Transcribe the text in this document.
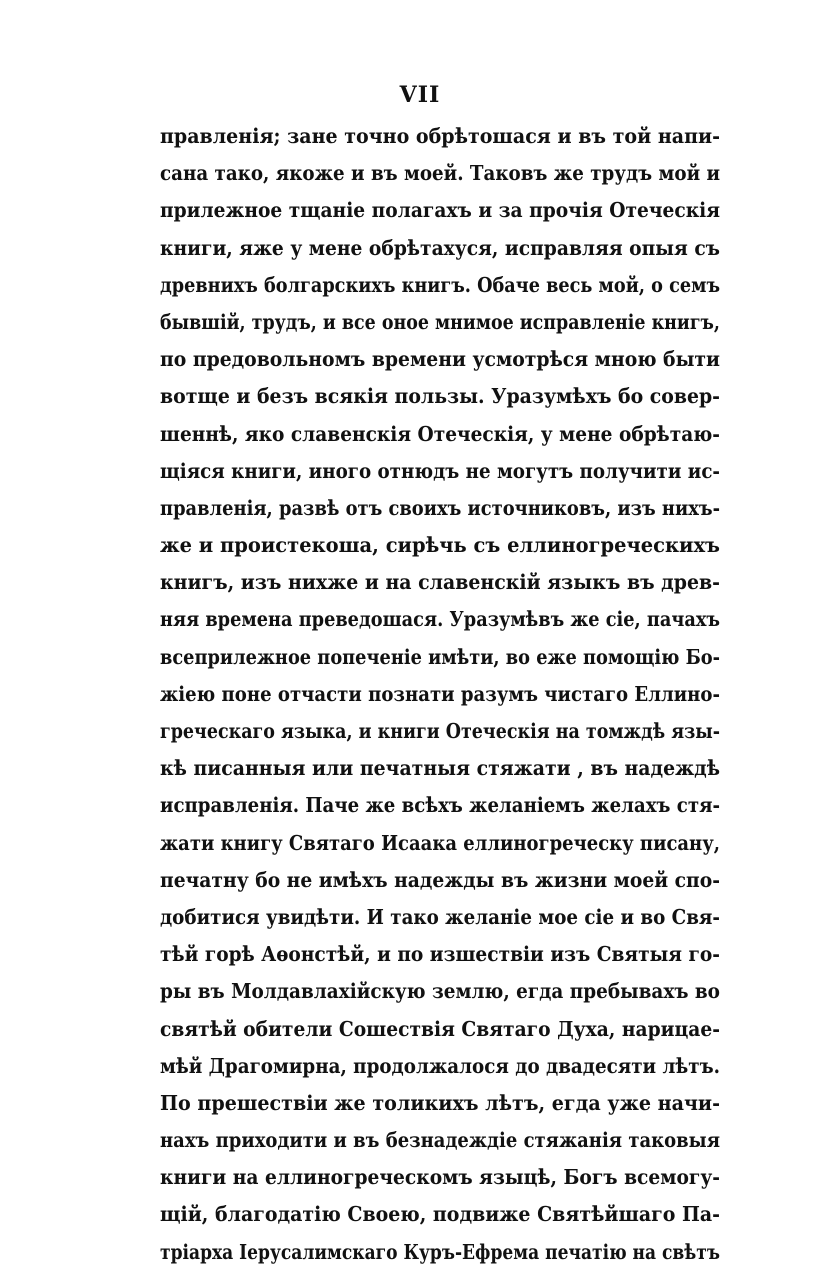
VII
правленія; зане точно обрѣтошася и въ той напи-
сана тако, якоже и въ моей. Таковъ же трудъ мой и
прилежное тщаніе полагахъ и за прочія Отеческія
книги, яже у мене обрѣтахуся, исправляя опыя съ
древнихъ болгарскихъ книгъ. Обаче весь мой, о семъ
бывшій, трудъ, и все оное мнимое исправленіе книгъ,
по предовольномъ времени усмотрѣся мною быти
вотще и безъ всякія пользы. Уразумѣхъ бо совер-
шеннѣ, яко славенскія Отеческія, у мене обрѣтаю-
щіяся книги, иного отнюдъ не могутъ получити ис-
правленія, развѣ отъ своихъ источниковъ, изъ нихъ-
же и проистекоша, сирѣчь съ еллиногреческихъ
книгъ, изъ нихже и на славенскій языкъ въ древ-
няя времена преведошася. Уразумѣвъ же сіе, пачахъ
всеприлежное попеченіе имѣти, во еже помощію Бо-
жіею поне отчасти познати разумъ чистаго Еллино-
греческаго языка, и книги Отеческія на томждѣ язы-
кѣ писанныя или печатныя стяжати , въ надеждѣ
исправленія. Паче же всѣхъ желаніемъ желахъ стя-
жати книгу Святаго Исаака еллиногреческу писану,
печатну бо не имѣхъ надежды въ жизни моей спо-
добитися увидѣти. И тако желаніе мое сіе и во Свя-
тѣй горѣ Аѳонстѣй, и по изшествіи изъ Святыя го-
ры въ Молдавлахійскую землю, егда пребывахъ во
святѣй обители Сошествія Святаго Духа, нарицае-
мѣй Драгомирна, продолжалося до двадесяти лѣтъ.
По прешествіи же толикихъ лѣтъ, егда уже начи-
нахъ приходити и въ безнадеждіе стяжанія таковыя
книги на еллиногреческомъ языцѣ, Богъ всемогу-
щій, благодатію Своею, подвиже Святѣйшаго Па-
тріарха Iерусалимскаго Куръ-Ефрема печатію на свѣтъ
